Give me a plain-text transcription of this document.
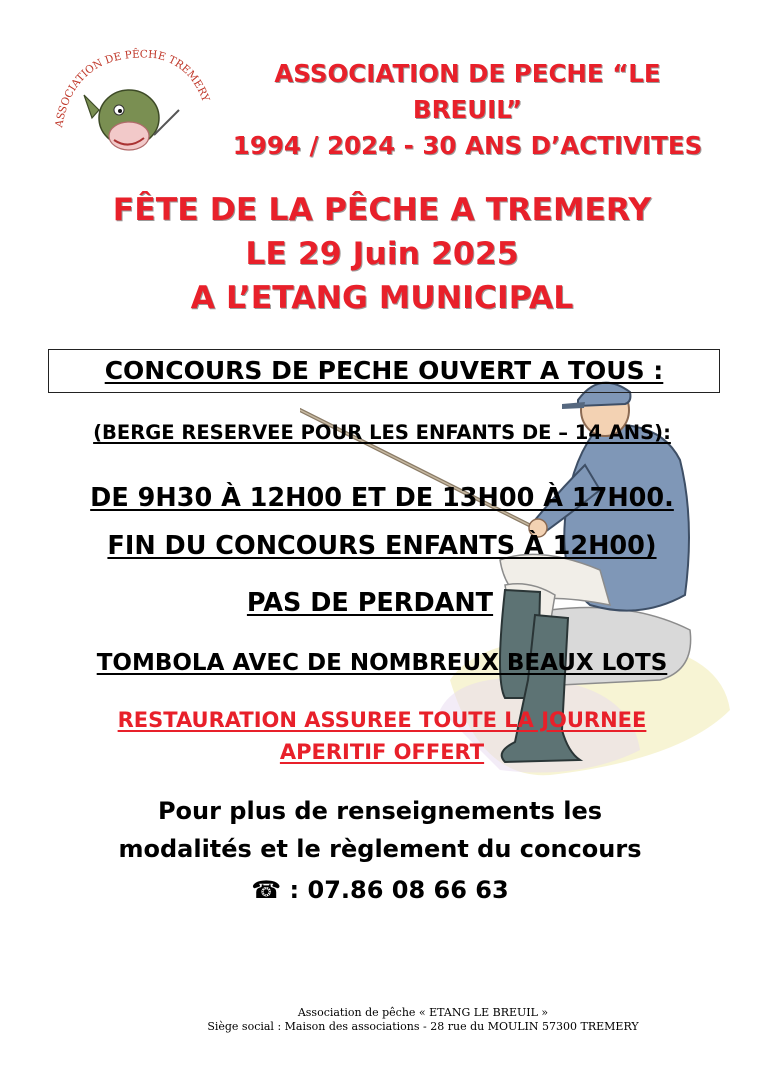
ASSOCIATION DE PÊCHE TREMERY
ASSOCIATION DE PECHE “LE
BREUIL”
1994 / 2024 - 30 ANS D’ACTIVITES
FÊTE DE LA PÊCHE A TREMERY
LE 29 Juin 2025
A L’ETANG MUNICIPAL
CONCOURS DE PECHE OUVERT A TOUS :
(BERGE RESERVEE POUR LES ENFANTS DE – 14 ANS):
DE 9H30 À 12H00 ET DE 13H00 À 17H00.
FIN DU CONCOURS ENFANTS À 12H00)
PAS DE PERDANT
TOMBOLA AVEC DE NOMBREUX BEAUX LOTS
RESTAURATION ASSUREE TOUTE LA JOURNEE
APERITIF OFFERT
Pour plus de renseignements les
modalités et le règlement du concours
☎ : 07.86 08 66 63
Association de pêche « ETANG LE BREUIL »
Siège social : Maison des associations - 28 rue du MOULIN 57300 TREMERY
